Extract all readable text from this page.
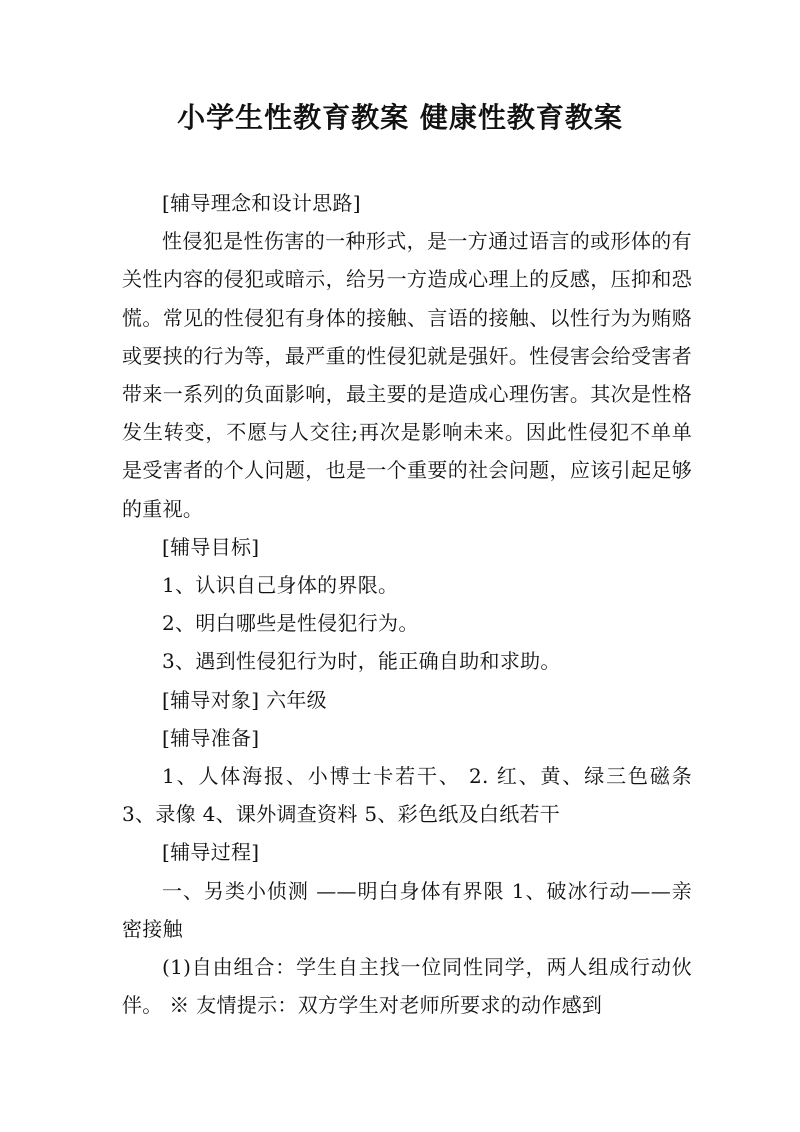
小学生性教育教案 健康性教育教案

[辅导理念和设计思路]

性侵犯是性伤害的一种形式，是一方通过语言的或形体的有关性内容的侵犯或暗示，给另一方造成心理上的反感，压抑和恐慌。常见的性侵犯有身体的接触、言语的接触、以性行为为贿赂或要挟的行为等，最严重的性侵犯就是强奸。性侵害会给受害者带来一系列的负面影响，最主要的是造成心理伤害。其次是性格发生转变，不愿与人交往;再次是影响未来。因此性侵犯不单单是受害者的个人问题，也是一个重要的社会问题，应该引起足够的重视。

[辅导目标]

1、认识自己身体的界限。

2、明白哪些是性侵犯行为。

3、遇到性侵犯行为时，能正确自助和求助。

[辅导对象] 六年级

[辅导准备]

1、人体海报、小博士卡若干、 2. 红、黄、绿三色磁条 3、录像 4、课外调查资料 5、彩色纸及白纸若干

[辅导过程]

一、另类小侦测 ——明白身体有界限 1、破冰行动——亲密接触

(1)自由组合：学生自主找一位同性同学，两人组成行动伙伴。 ※ 友情提示：双方学生对老师所要求的动作感到
